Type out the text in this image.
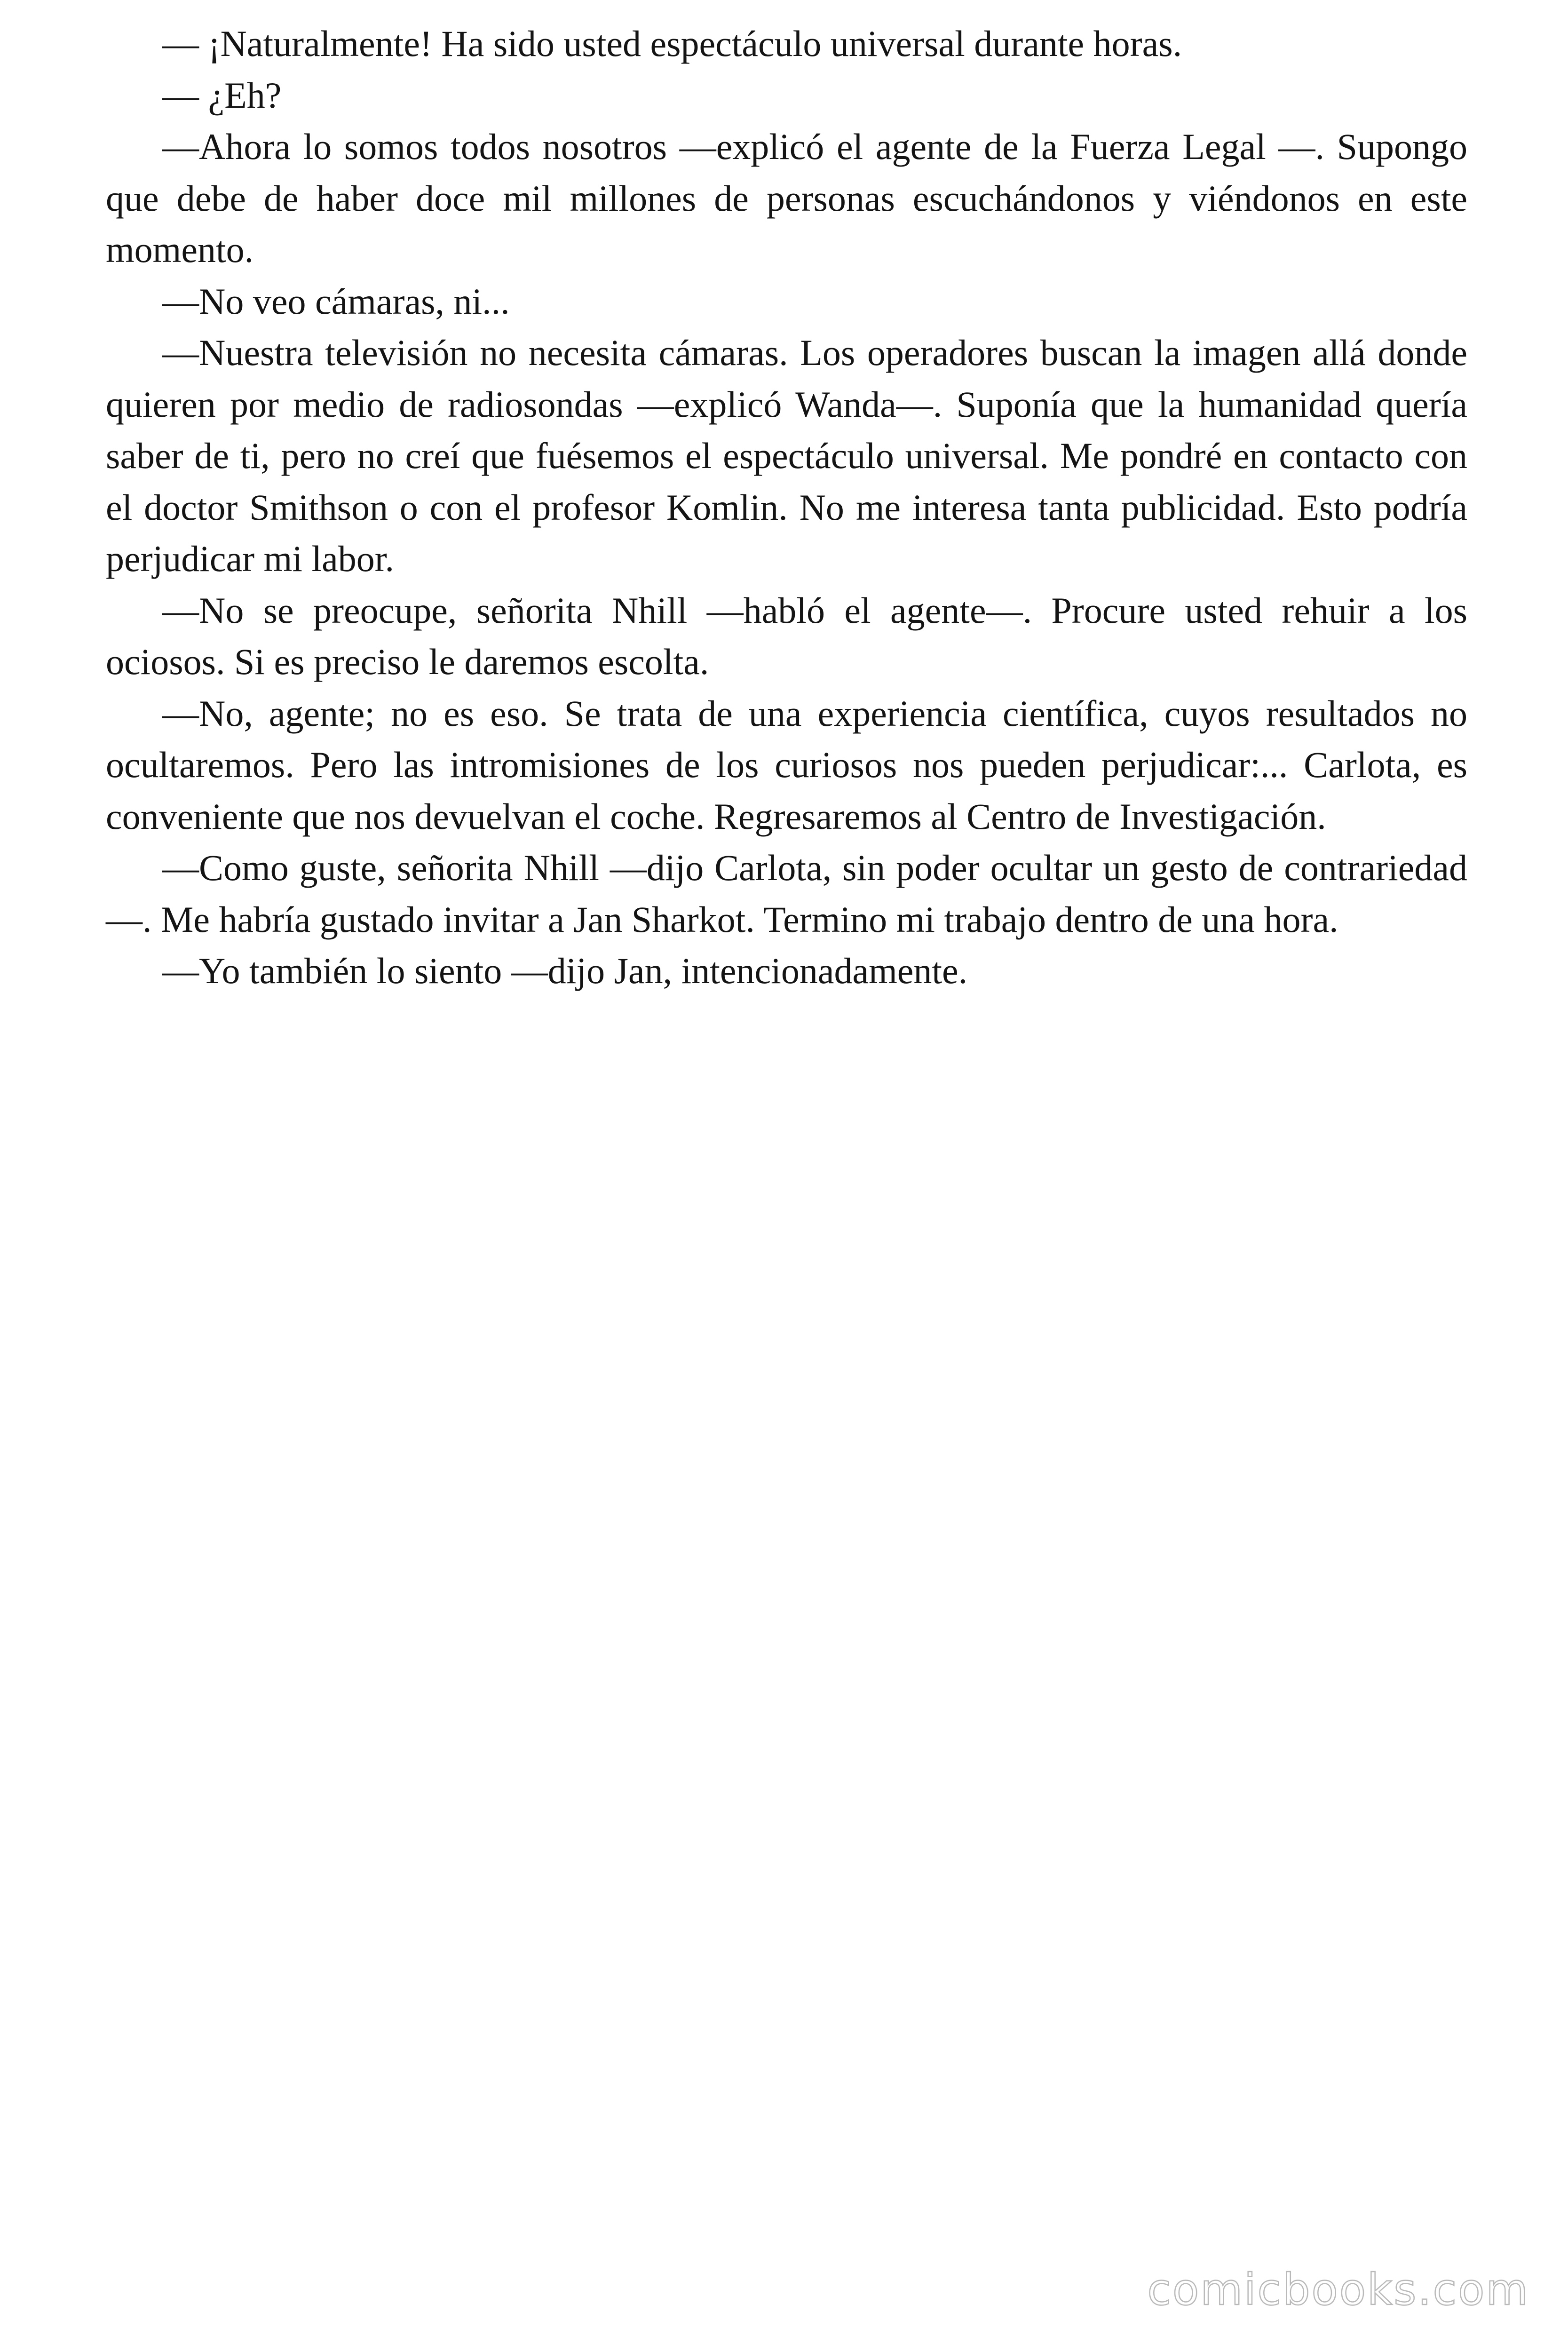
— ¡Naturalmente! Ha sido usted espectáculo universal durante horas.

— ¿Eh?

—Ahora lo somos todos nosotros —explicó el agente de la Fuerza Legal —. Supongo que debe de haber doce mil millones de personas escuchándonos y viéndonos en este momento.

—No veo cámaras, ni...

—Nuestra televisión no necesita cámaras. Los operadores buscan la imagen allá donde quieren por medio de radiosondas —explicó Wanda—. Suponía que la humanidad quería saber de ti, pero no creí que fuésemos el espectáculo universal. Me pondré en contacto con el doctor Smithson o con el profesor Komlin. No me interesa tanta publicidad. Esto podría perjudicar mi labor.

—No se preocupe, señorita Nhill —habló el agente—. Procure usted rehuir a los ociosos. Si es preciso le daremos escolta.

—No, agente; no es eso. Se trata de una experiencia científica, cuyos resultados no ocultaremos. Pero las intromisiones de los curiosos nos pueden perjudicar:... Carlota, es conveniente que nos devuelvan el coche. Regresaremos al Centro de Investigación.

—Como guste, señorita Nhill —dijo Carlota, sin poder ocultar un gesto de contrariedad—. Me habría gustado invitar a Jan Sharkot. Termino mi trabajo dentro de una hora.

—Yo también lo siento —dijo Jan, intencionadamente.

comicbooks.com
